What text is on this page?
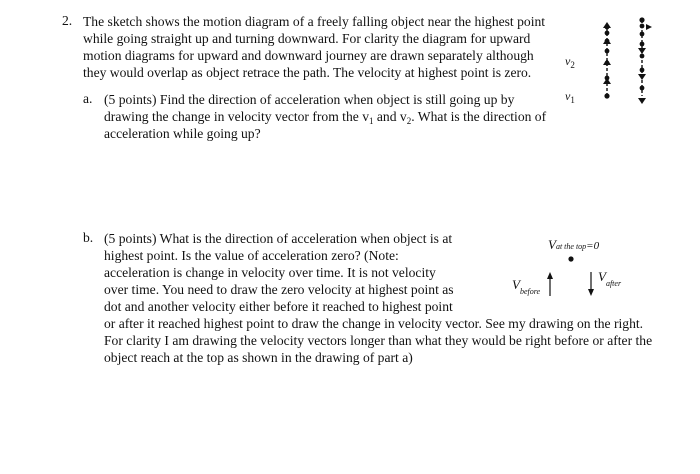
2. The sketch shows the motion diagram of a freely falling object near the highest point
while going straight up and turning downward. For clarity the diagram for upward
motion diagrams for upward and downward journey are drawn separately although
they would overlap as object retrace the path. The velocity at highest point is zero.
a. (5 points) Find the direction of acceleration when object is still going up by
drawing the change in velocity vector from the $v_1$ and $v_2$. What is the direction of
acceleration while going up?
b. (5 points) What is the direction of acceleration when object is at
highest point. Is the value of acceleration zero? (Note:
acceleration is change in velocity over time. It is not velocity
over time. You need to draw the zero velocity at highest point as
dot and another velocity either before it reached to highest point
or after it reached highest point to draw the change in velocity vector. See my drawing on the right.
For clarity I am drawing the velocity vectors longer than what they would be right before or after the
object reach at the top as shown in the drawing of part a)
$v_2$
$v_1$
Vat the top=0
$V_{before}$
$V_{after}$
